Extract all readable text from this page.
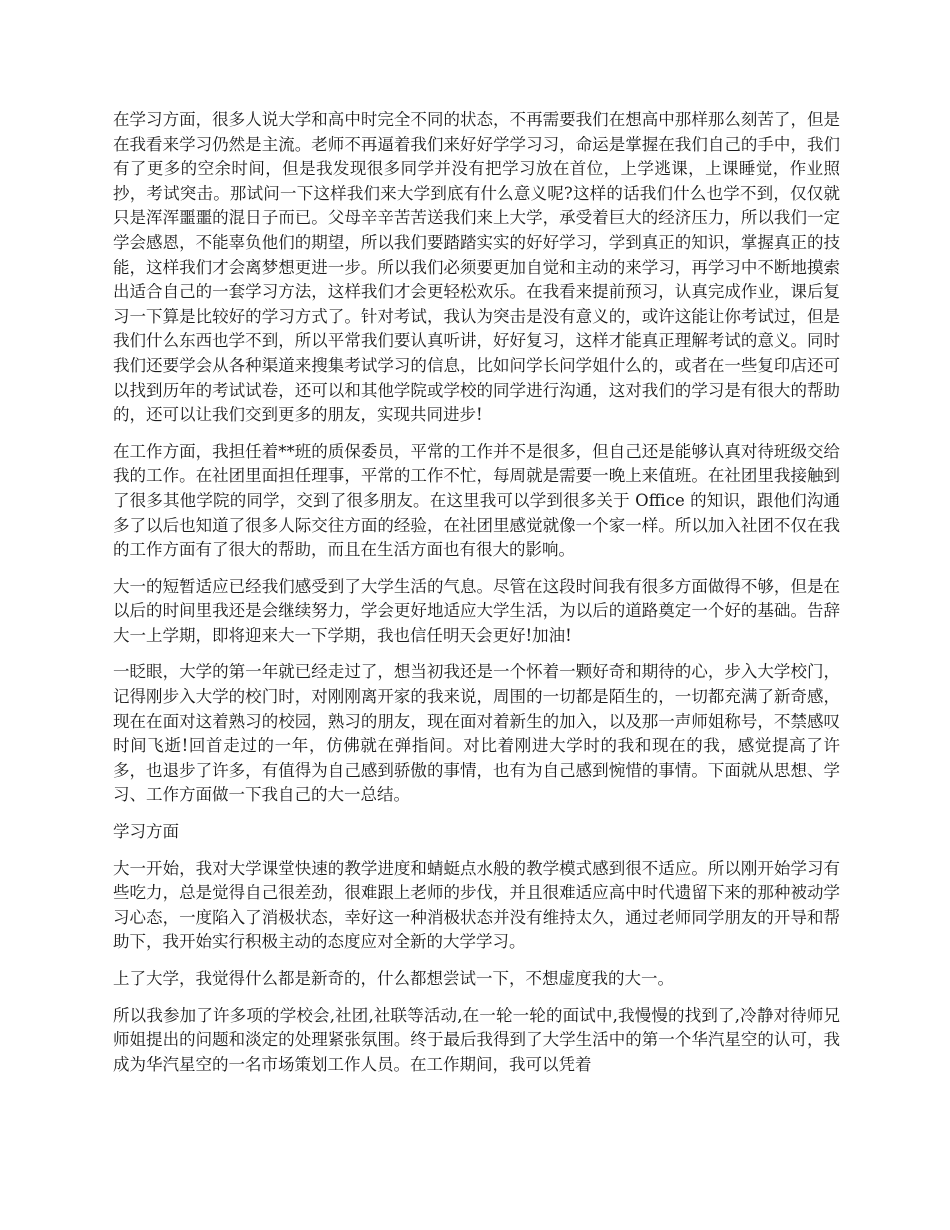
在学习方面，很多人说大学和高中时完全不同的状态，不再需要我们在想高中那样那么刻苦了，但是在我看来学习仍然是主流。老师不再逼着我们来好好学学习习，命运是掌握在我们自己的手中，我们有了更多的空余时间，但是我发现很多同学并没有把学习放在首位，上学逃课，上课睡觉，作业照抄，考试突击。那试问一下这样我们来大学到底有什么意义呢?这样的话我们什么也学不到，仅仅就只是浑浑噩噩的混日子而已。父母辛辛苦苦送我们来上大学，承受着巨大的经济压力，所以我们一定学会感恩，不能辜负他们的期望，所以我们要踏踏实实的好好学习，学到真正的知识，掌握真正的技能，这样我们才会离梦想更进一步。所以我们必须要更加自觉和主动的来学习，再学习中不断地摸索出适合自己的一套学习方法，这样我们才会更轻松欢乐。在我看来提前预习，认真完成作业，课后复习一下算是比较好的学习方式了。针对考试，我认为突击是没有意义的，或许这能让你考试过，但是我们什么东西也学不到，所以平常我们要认真听讲，好好复习，这样才能真正理解考试的意义。同时我们还要学会从各种渠道来搜集考试学习的信息，比如问学长问学姐什么的，或者在一些复印店还可以找到历年的考试试卷，还可以和其他学院或学校的同学进行沟通，这对我们的学习是有很大的帮助的，还可以让我们交到更多的朋友，实现共同进步!

在工作方面，我担任着**班的质保委员，平常的工作并不是很多，但自己还是能够认真对待班级交给我的工作。在社团里面担任理事，平常的工作不忙，每周就是需要一晚上来值班。在社团里我接触到了很多其他学院的同学，交到了很多朋友。在这里我可以学到很多关于 Office 的知识，跟他们沟通多了以后也知道了很多人际交往方面的经验，在社团里感觉就像一个家一样。所以加入社团不仅在我的工作方面有了很大的帮助，而且在生活方面也有很大的影响。

大一的短暂适应已经我们感受到了大学生活的气息。尽管在这段时间我有很多方面做得不够，但是在以后的时间里我还是会继续努力，学会更好地适应大学生活，为以后的道路奠定一个好的基础。告辞大一上学期，即将迎来大一下学期，我也信任明天会更好!加油!

一眨眼，大学的第一年就已经走过了，想当初我还是一个怀着一颗好奇和期待的心，步入大学校门，记得刚步入大学的校门时，对刚刚离开家的我来说，周围的一切都是陌生的，一切都充满了新奇感，现在在面对这着熟习的校园，熟习的朋友，现在面对着新生的加入，以及那一声师姐称号，不禁感叹时间飞逝!回首走过的一年，仿佛就在弹指间。对比着刚进大学时的我和现在的我，感觉提高了许多，也退步了许多，有值得为自己感到骄傲的事情，也有为自己感到惋惜的事情。下面就从思想、学习、工作方面做一下我自己的大一总结。

学习方面

大一开始，我对大学课堂快速的教学进度和蜻蜓点水般的教学模式感到很不适应。所以刚开始学习有些吃力，总是觉得自己很差劲，很难跟上老师的步伐，并且很难适应高中时代遗留下来的那种被动学习心态，一度陷入了消极状态，幸好这一种消极状态并没有维持太久，通过老师同学朋友的开导和帮助下，我开始实行积极主动的态度应对全新的大学学习。

上了大学，我觉得什么都是新奇的，什么都想尝试一下，不想虚度我的大一。

所以我参加了许多项的学校会,社团,社联等活动,在一轮一轮的面试中,我慢慢的找到了,冷静对待师兄师姐提出的问题和淡定的处理紧张氛围。终于最后我得到了大学生活中的第一个华汽星空的认可，我成为华汽星空的一名市场策划工作人员。在工作期间，我可以凭着
